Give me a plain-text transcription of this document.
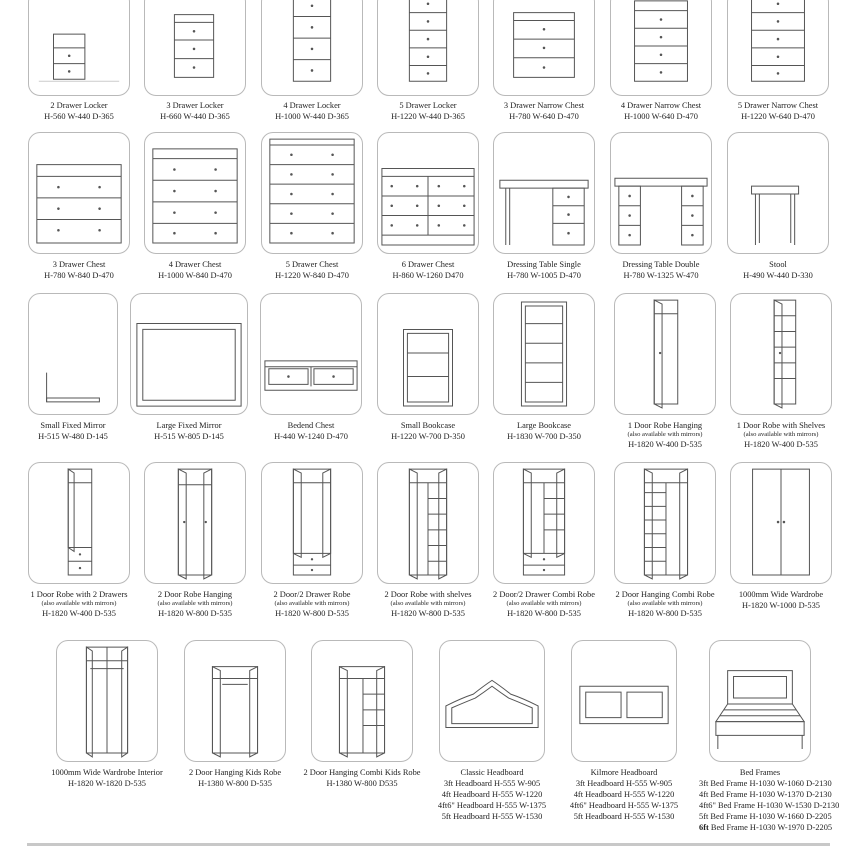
2 Drawer Locker
H-560 W-440 D-365
3 Drawer Locker
H-660 W-440 D-365
4 Drawer Locker
H-1000 W-440 D-365
5 Drawer Locker
H-1220 W-440 D-365
3 Drawer Narrow Chest
H-780 W-640 D-470
4 Drawer Narrow Chest
H-1000 W-640 D-470
5 Drawer Narrow Chest
H-1220 W-640 D-470
3 Drawer Chest
H-780 W-840 D-470
4 Drawer Chest
H-1000 W-840 D-470
5 Drawer Chest
H-1220 W-840 D-470
6 Drawer Chest
H-860 W-1260 D470
Dressing Table Single
H-780 W-1005 D-470
Dressing Table Double
H-780 W-1325 W-470
Stool
H-490 W-440 D-330
Small Fixed Mirror
H-515 W-480 D-145
Large Fixed Mirror
H-515 W-805 D-145
Bedend Chest
H-440 W-1240 D-470
Small Bookcase
H-1220 W-700 D-350
Large Bookcase
H-1830 W-700 D-350
1 Door Robe Hanging
(also available with mirrors)
H-1820 W-400 D-535
1 Door Robe with Shelves
(also available with mirrors)
H-1820 W-400 D-535
1 Door Robe with 2 Drawers
(also available with mirrors)
H-1820 W-400 D-535
2 Door Robe Hanging
(also available with mirrors)
H-1820 W-800 D-535
2 Door/2 Drawer Robe
(also available with mirrors)
H-1820 W-800 D-535
2 Door Robe with shelves
(also available with mirrors)
H-1820 W-800 D-535
2 Door/2 Drawer Combi Robe
(also available with mirrors)
H-1820 W-800 D-535
2 Door Hanging Combi Robe
(also available with mirrors)
H-1820 W-800 D-535
1000mm Wide Wardrobe
H-1820 W-1000 D-535
1000mm Wide Wardrobe Interior
H-1820 W-1820 D-535
2 Door Hanging Kids Robe
H-1380 W-800 D-535
2 Door Hanging Combi Kids Robe
H-1380 W-800 D535
Classic Headboard
3ft Headboard H-555 W-905
4ft Headboard H-555 W-1220
4ft6" Headboard H-555 W-1375
5ft Headboard H-555 W-1530
Kilmore Headboard
3ft Headboard H-555 W-905
4ft Headboard H-555 W-1220
4ft6" Headboard H-555 W-1375
5ft Headboard H-555 W-1530
Bed Frames
3ft Bed Frame H-1030 W-1060 D-2130
4ft Bed Frame H-1030 W-1370 D-2130
4ft6" Bed Frame H-1030 W-1530 D-2130
5ft Bed Frame H-1030 W-1660 D-2205
6ft Bed Frame H-1030 W-1970 D-2205
